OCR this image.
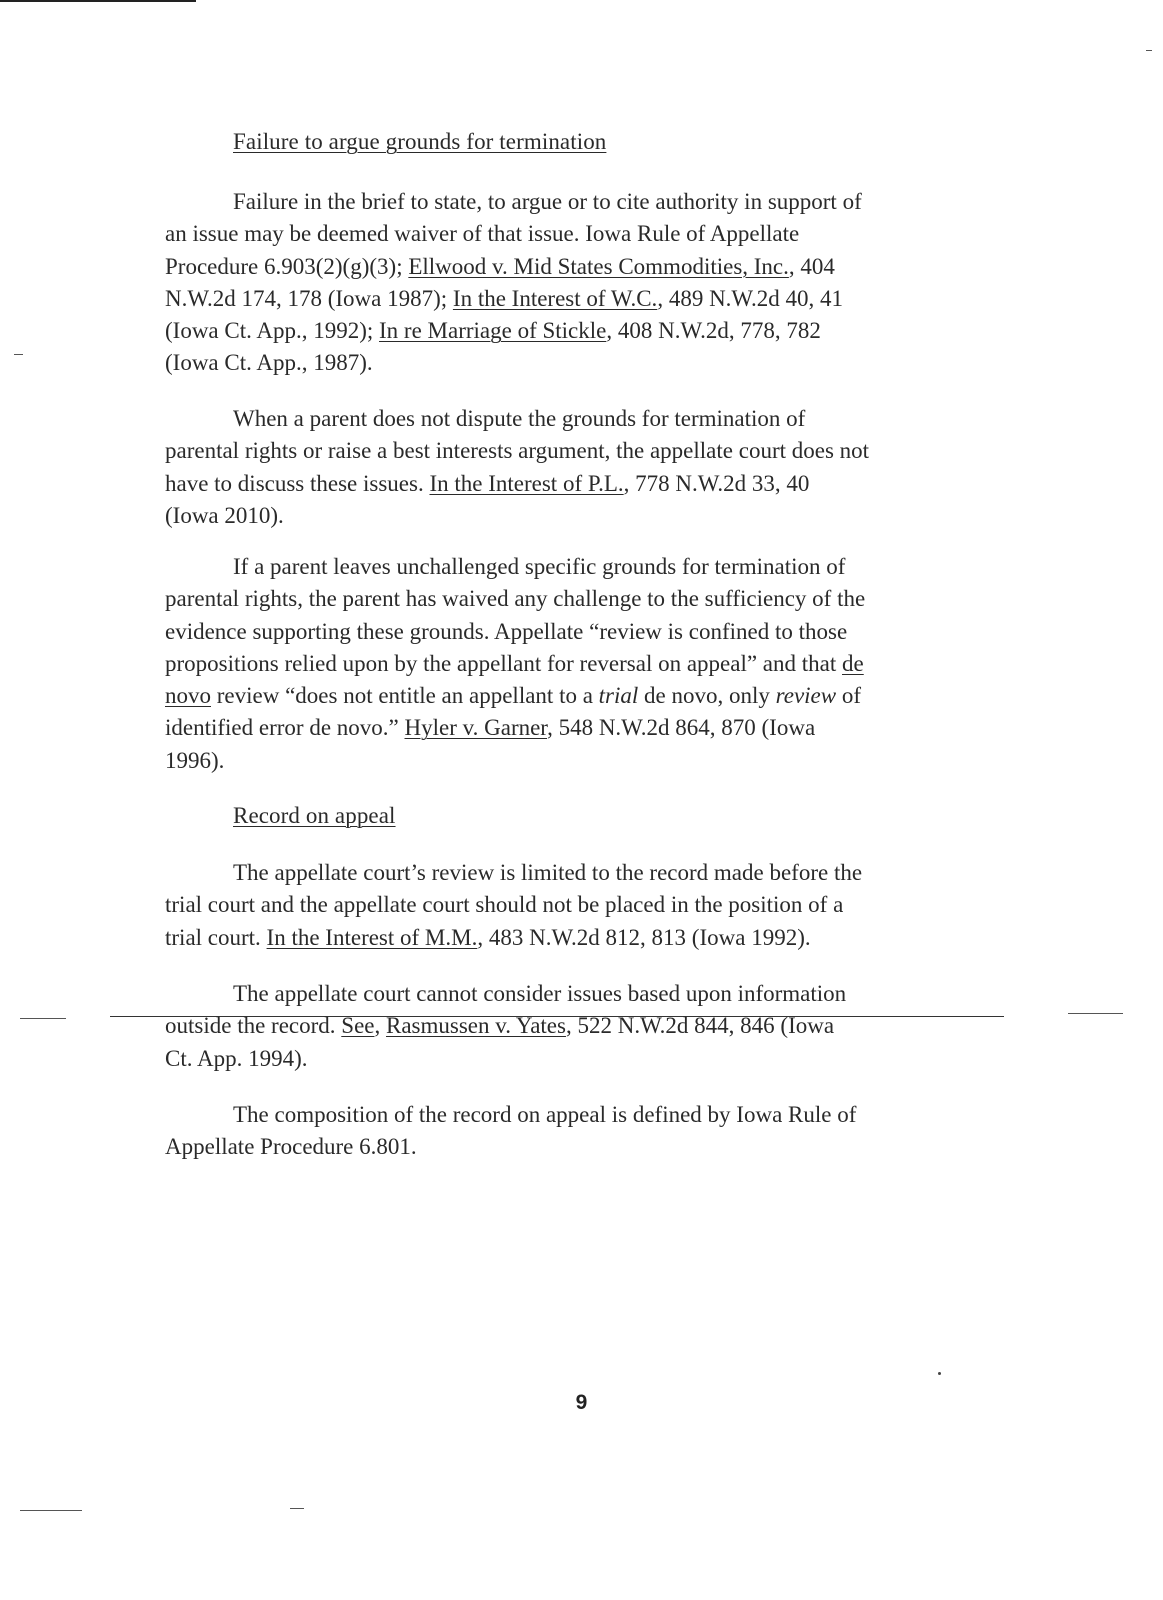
Failure to argue grounds for termination
Failure in the brief to state, to argue or to cite authority in support of
an issue may be deemed waiver of that issue. Iowa Rule of Appellate
Procedure 6.903(2)(g)(3); Ellwood v. Mid States Commodities, Inc., 404
N.W.2d 174, 178 (Iowa 1987); In the Interest of W.C., 489 N.W.2d 40, 41
(Iowa Ct. App., 1992); In re Marriage of Stickle, 408 N.W.2d, 778, 782
(Iowa Ct. App., 1987).
When a parent does not dispute the grounds for termination of
parental rights or raise a best interests argument, the appellate court does not
have to discuss these issues. In the Interest of P.L., 778 N.W.2d 33, 40
(Iowa 2010).
If a parent leaves unchallenged specific grounds for termination of
parental rights, the parent has waived any challenge to the sufficiency of the
evidence supporting these grounds. Appellate “review is confined to those
propositions relied upon by the appellant for reversal on appeal” and that de
novo review “does not entitle an appellant to a trial de novo, only review of
identified error de novo.” Hyler v. Garner, 548 N.W.2d 864, 870 (Iowa
1996).
Record on appeal
The appellate court’s review is limited to the record made before the
trial court and the appellate court should not be placed in the position of a
trial court. In the Interest of M.M., 483 N.W.2d 812, 813 (Iowa 1992).
The appellate court cannot consider issues based upon information
outside the record. See, Rasmussen v. Yates, 522 N.W.2d 844, 846 (Iowa
Ct. App. 1994).
The composition of the record on appeal is defined by Iowa Rule of
Appellate Procedure 6.801.
9
